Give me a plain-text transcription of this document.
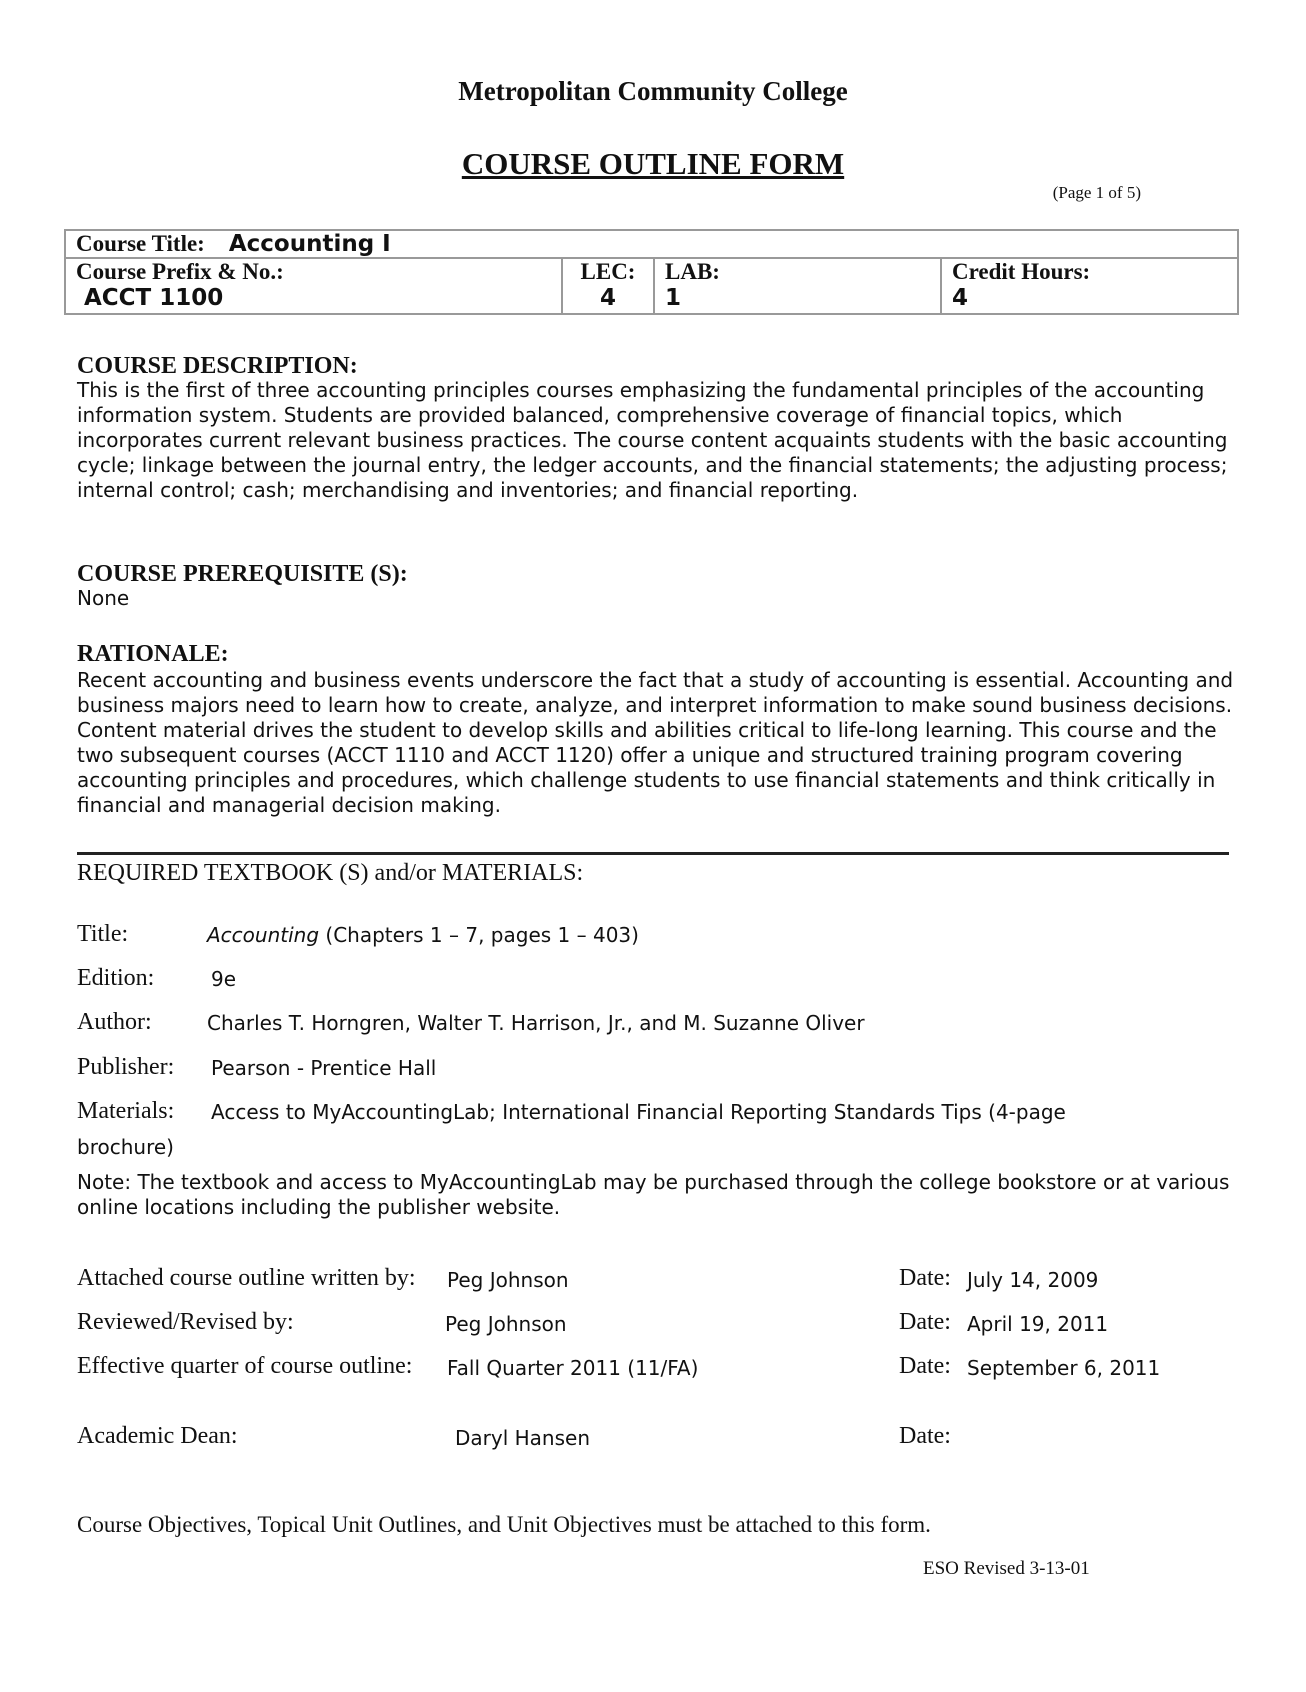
Metropolitan Community College
COURSE OUTLINE FORM
(Page 1 of 5)
Course Title: Accounting I

Course Prefix & No.:
ACCT 1100

LEC:
4

LAB:
1

Credit Hours:
4
COURSE DESCRIPTION:
This is the first of three accounting principles courses emphasizing the fundamental principles of the accounting information system. Students are provided balanced, comprehensive coverage of financial topics, which incorporates current relevant business practices. The course content acquaints students with the basic accounting cycle; linkage between the journal entry, the ledger accounts, and the financial statements; the adjusting process; internal control; cash; merchandising and inventories; and financial reporting.
COURSE PREREQUISITE (S):
None
RATIONALE:
Recent accounting and business events underscore the fact that a study of accounting is essential. Accounting and business majors need to learn how to create, analyze, and interpret information to make sound business decisions. Content material drives the student to develop skills and abilities critical to life-long learning. This course and the two subsequent courses (ACCT 1110 and ACCT 1120) offer a unique and structured training program covering accounting principles and procedures, which challenge students to use financial statements and think critically in financial and managerial decision making.
REQUIRED TEXTBOOK (S) and/or MATERIALS:
Title:	Accounting (Chapters 1 – 7, pages 1 – 403)
Edition:	9e
Author:	Charles T. Horngren, Walter T. Harrison, Jr., and M. Suzanne Oliver
Publisher: Pearson - Prentice Hall
Materials: Access to MyAccountingLab; International Financial Reporting Standards Tips (4-page
brochure)
Note: The textbook and access to MyAccountingLab may be purchased through the college bookstore or at various online locations including the publisher website.
Attached course outline written by: Peg Johnson	Date: July 14, 2009
Reviewed/Revised by:	Peg Johnson	Date: April 19, 2011
Effective quarter of course outline: Fall Quarter 2011 (11/FA)	Date: September 6, 2011
Academic Dean:	Daryl Hansen	Date:
Course Objectives, Topical Unit Outlines, and Unit Objectives must be attached to this form.
ESO Revised 3-13-01
